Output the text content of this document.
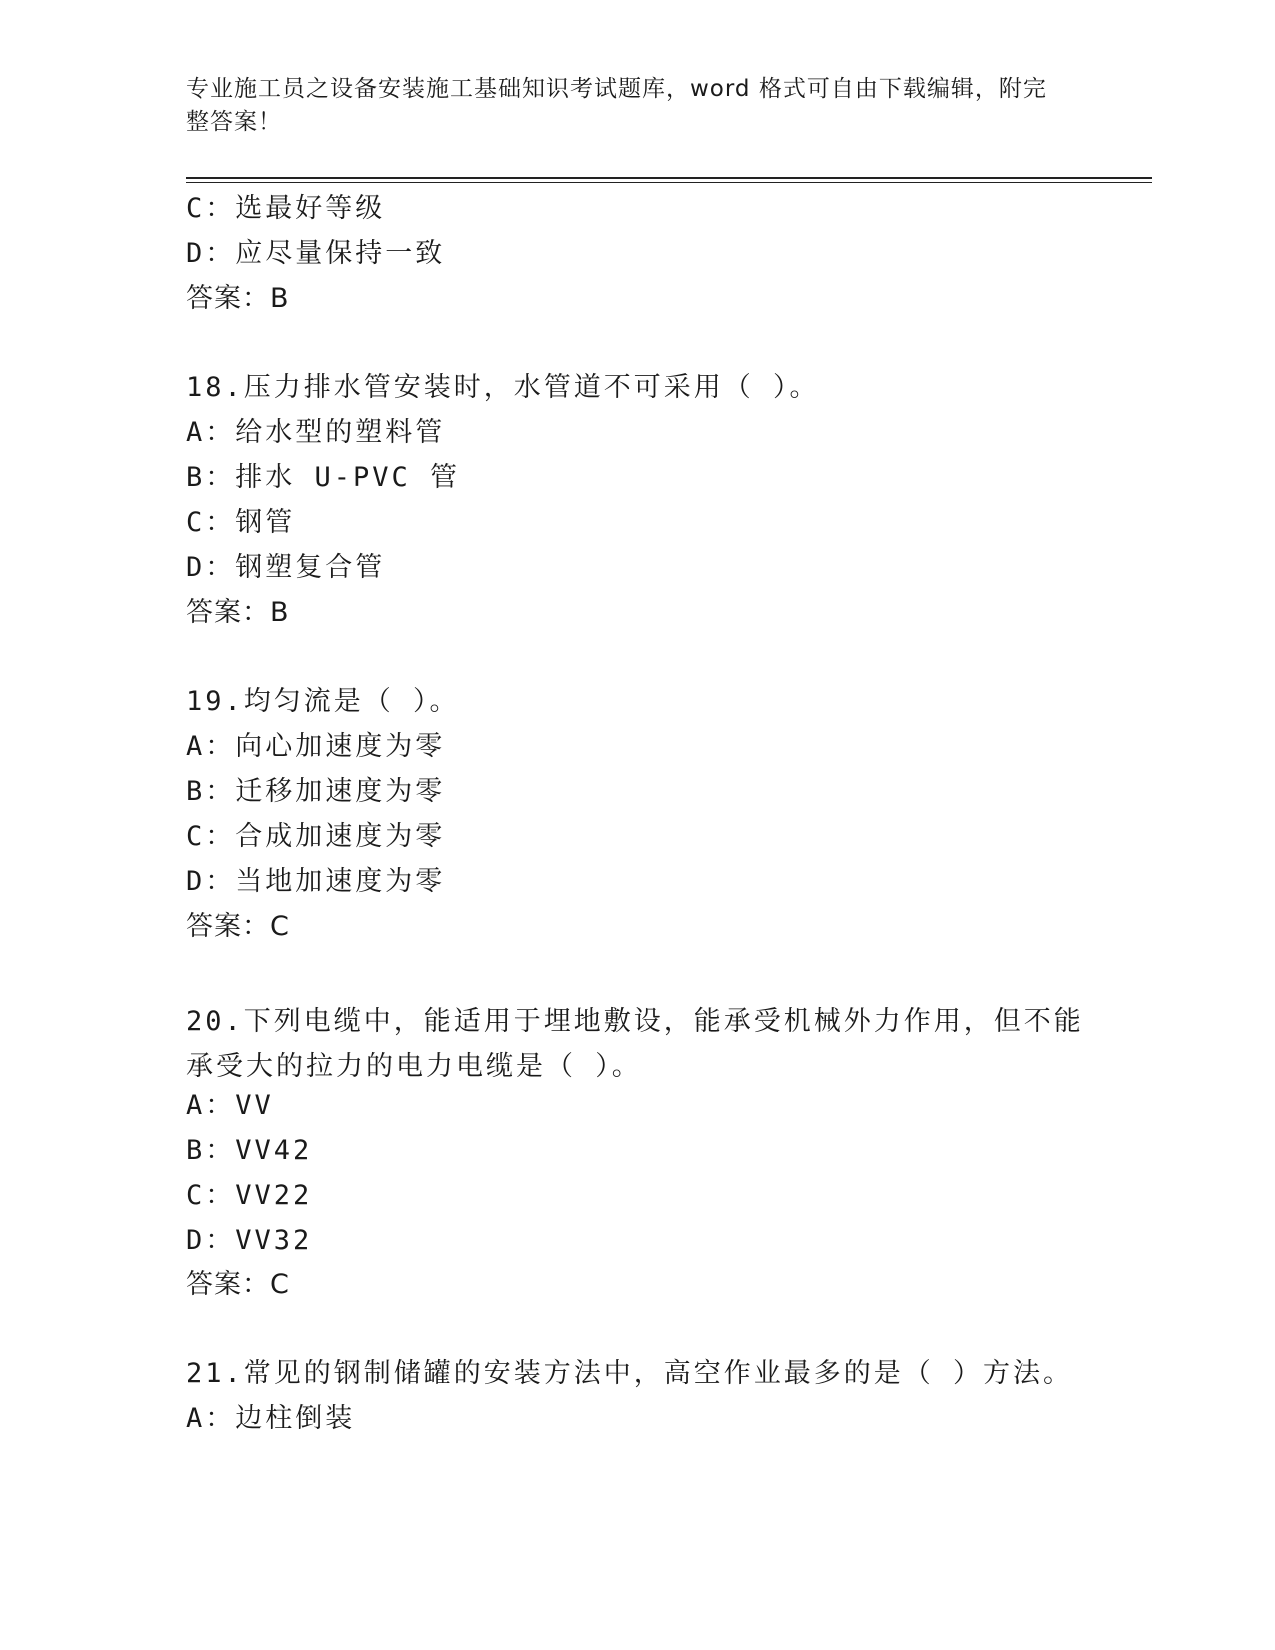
专业施工员之设备安装施工基础知识考试题库，word 格式可自由下载编辑，附完整答案！
C：选最好等级
D：应尽量保持一致
答案：B
18.压力排水管安装时，水管道不可采用（ ）。
A：给水型的塑料管
B：排水 U-PVC 管
C：钢管
D：钢塑复合管
答案：B
19.均匀流是（ ）。
A：向心加速度为零
B：迁移加速度为零
C：合成加速度为零
D：当地加速度为零
答案：C
20.下列电缆中，能适用于埋地敷设，能承受机械外力作用，但不能承受大的拉力的电力电缆是（ ）。
A：VV
B：VV42
C：VV22
D：VV32
答案：C
21.常见的钢制储罐的安装方法中，高空作业最多的是（ ）方法。
A：边柱倒装
